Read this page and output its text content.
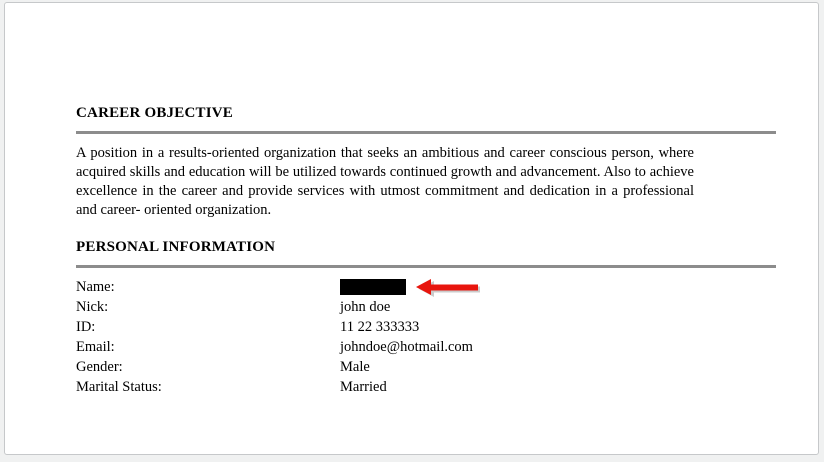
CAREER OBJECTIVE

A position in a results-oriented organization that seeks an ambitious and career conscious person, where acquired skills and education will be utilized towards continued growth and advancement. Also to achieve excellence in the career and provide services with utmost commitment and dedication in a professional and career- oriented organization.

PERSONAL INFORMATION
Name:
Nick:	john doe
ID:	11 22 333333
Email:	johndoe@hotmail.com
Gender:	Male
Marital Status:	Married
